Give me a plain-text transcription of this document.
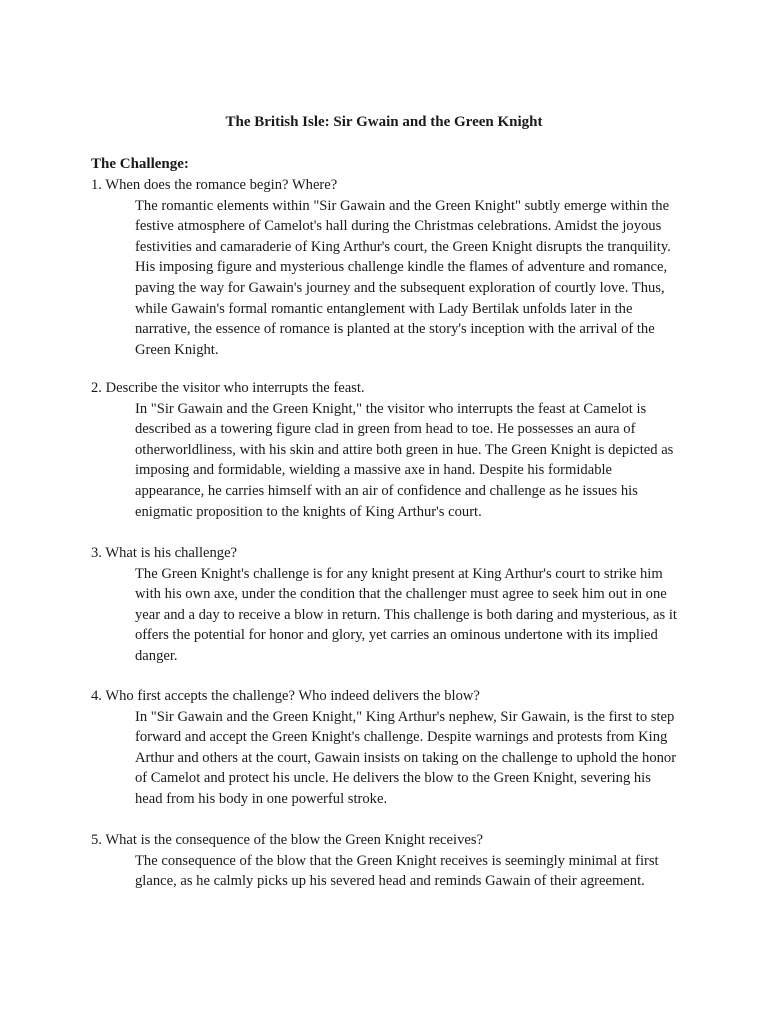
The British Isle: Sir Gwain and the Green Knight
The Challenge:

1. When does the romance begin? Where?

The romantic elements within "Sir Gawain and the Green Knight" subtly emerge within the festive atmosphere of Camelot's hall during the Christmas celebrations. Amidst the joyous festivities and camaraderie of King Arthur's court, the Green Knight disrupts the tranquility. His imposing figure and mysterious challenge kindle the flames of adventure and romance, paving the way for Gawain's journey and the subsequent exploration of courtly love. Thus, while Gawain's formal romantic entanglement with Lady Bertilak unfolds later in the narrative, the essence of romance is planted at the story's inception with the arrival of the Green Knight.

2. Describe the visitor who interrupts the feast.

In "Sir Gawain and the Green Knight," the visitor who interrupts the feast at Camelot is described as a towering figure clad in green from head to toe. He possesses an aura of otherworldliness, with his skin and attire both green in hue. The Green Knight is depicted as imposing and formidable, wielding a massive axe in hand. Despite his formidable appearance, he carries himself with an air of confidence and challenge as he issues his enigmatic proposition to the knights of King Arthur's court.

3. What is his challenge?

The Green Knight's challenge is for any knight present at King Arthur's court to strike him with his own axe, under the condition that the challenger must agree to seek him out in one year and a day to receive a blow in return. This challenge is both daring and mysterious, as it offers the potential for honor and glory, yet carries an ominous undertone with its implied danger.

4. Who first accepts the challenge? Who indeed delivers the blow?

In "Sir Gawain and the Green Knight," King Arthur's nephew, Sir Gawain, is the first to step forward and accept the Green Knight's challenge. Despite warnings and protests from King Arthur and others at the court, Gawain insists on taking on the challenge to uphold the honor of Camelot and protect his uncle. He delivers the blow to the Green Knight, severing his head from his body in one powerful stroke.

5. What is the consequence of the blow the Green Knight receives?

The consequence of the blow that the Green Knight receives is seemingly minimal at first glance, as he calmly picks up his severed head and reminds Gawain of their agreement.
